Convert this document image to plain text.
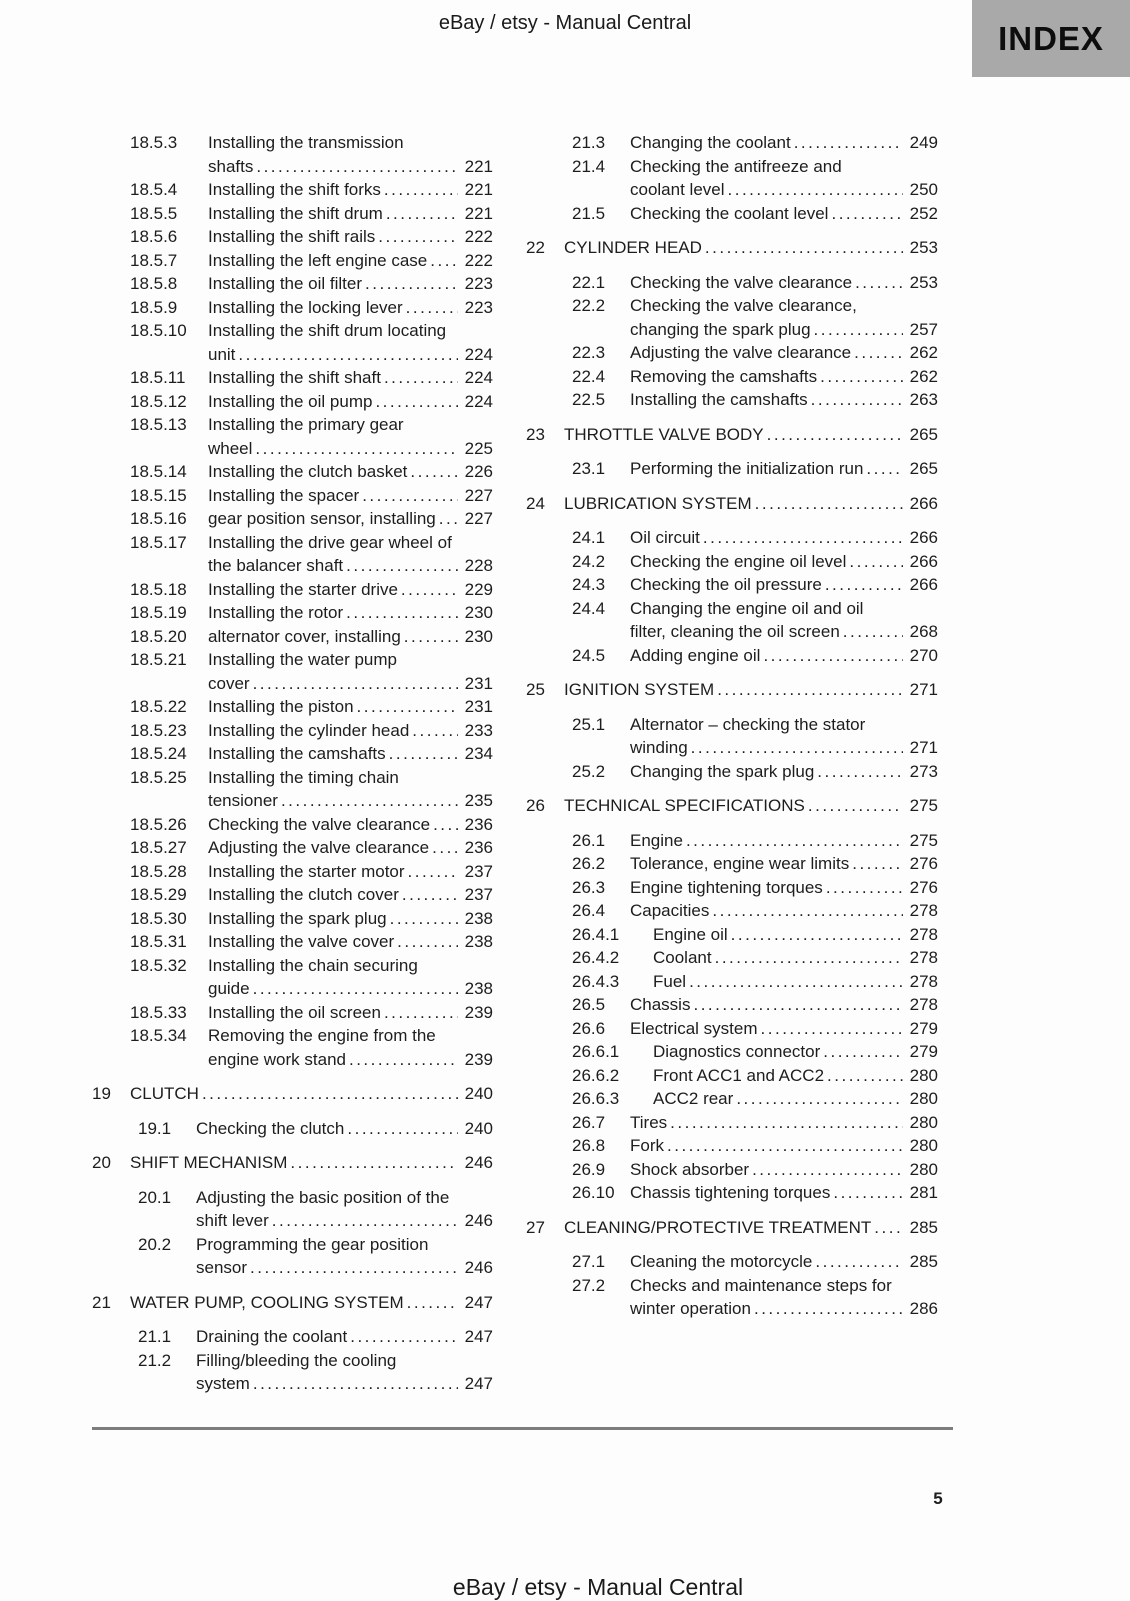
eBay / etsy - Manual Central	INDEX
18.5.3	Installing the transmission
shafts .....	221
18.5.4	Installing the shift forks .....	221
18.5.5	Installing the shift drum .....	221
18.5.6	Installing the shift rails .....	222
18.5.7	Installing the left engine case ..... 222
18.5.8	Installing the oil filter .....	223
18.5.9	Installing the locking lever .....	223
18.5.10	Installing the shift drum locating
unit .....	224
18.5.11	Installing the shift shaft .....	224
18.5.12	Installing the oil pump .....	224
18.5.13	Installing the primary gear
wheel .....	225
18.5.14	Installing the clutch basket .....	226
18.5.15	Installing the spacer .....	227
18.5.16	gear position sensor, installing ..... 227
18.5.17	Installing the drive gear wheel of
the balancer shaft .....	228
18.5.18	Installing the starter drive .....	229
18.5.19	Installing the rotor .....	230
18.5.20	alternator cover, installing .....	230
18.5.21	Installing the water pump
cover .....	231
18.5.22	Installing the piston .....	231
18.5.23	Installing the cylinder head .....	233
18.5.24	Installing the camshafts .....	234
18.5.25	Installing the timing chain
tensioner .....	235
18.5.26	Checking the valve clearance ..... 236
18.5.27	Adjusting the valve clearance ..... 236
18.5.28	Installing the starter motor .....	237
18.5.29	Installing the clutch cover .....	237
18.5.30	Installing the spark plug .....	238
18.5.31	Installing the valve cover .....	238
18.5.32	Installing the chain securing
guide .....	238
18.5.33	Installing the oil screen .....	239
18.5.34	Removing the engine from the
engine work stand .....	239
19	CLUTCH .....	240
19.1	Checking the clutch .....	240
20	SHIFT MECHANISM .....	246
20.1	Adjusting the basic position of the
shift lever .....	246
20.2	Programming the gear position
sensor .....	246
21	WATER PUMP, COOLING SYSTEM .....	247
21.1	Draining the coolant .....	247
21.2	Filling/bleeding the cooling
system .....	247
21.3	Changing the coolant .....	249
21.4	Checking the antifreeze and
coolant level .....	250
21.5	Checking the coolant level .....	252
22	CYLINDER HEAD .....	253
22.1	Checking the valve clearance .....	253
22.2	Checking the valve clearance,
changing the spark plug .....	257
22.3	Adjusting the valve clearance .....	262
22.4	Removing the camshafts .....	262
22.5	Installing the camshafts .....	263
23	THROTTLE VALVE BODY .....	265
23.1	Performing the initialization run .....	265
24	LUBRICATION SYSTEM .....	266
24.1	Oil circuit .....	266
24.2	Checking the engine oil level .....	266
24.3	Checking the oil pressure .....	266
24.4	Changing the engine oil and oil
filter, cleaning the oil screen .....	268
24.5	Adding engine oil .....	270
25	IGNITION SYSTEM .....	271
25.1	Alternator – checking the stator
winding .....	271
25.2	Changing the spark plug .....	273
26	TECHNICAL SPECIFICATIONS .....	275
26.1	Engine .....	275
26.2	Tolerance, engine wear limits .....	276
26.3	Engine tightening torques .....	276
26.4	Capacities .....	278
26.4.1	Engine oil .....	278
26.4.2	Coolant .....	278
26.4.3	Fuel .....	278
26.5	Chassis .....	278
26.6	Electrical system .....	279
26.6.1	Diagnostics connector .....	279
26.6.2	Front ACC1 and ACC2 .....	280
26.6.3	ACC2 rear .....	280
26.7	Tires .....	280
26.8	Fork .....	280
26.9	Shock absorber .....	280
26.10 Chassis tightening torques .....	281
27	CLEANING/PROTECTIVE TREATMENT ..... 285
27.1	Cleaning the motorcycle .....	285
27.2	Checks and maintenance steps for
winter operation .....	286
5
eBay / etsy - Manual Central
